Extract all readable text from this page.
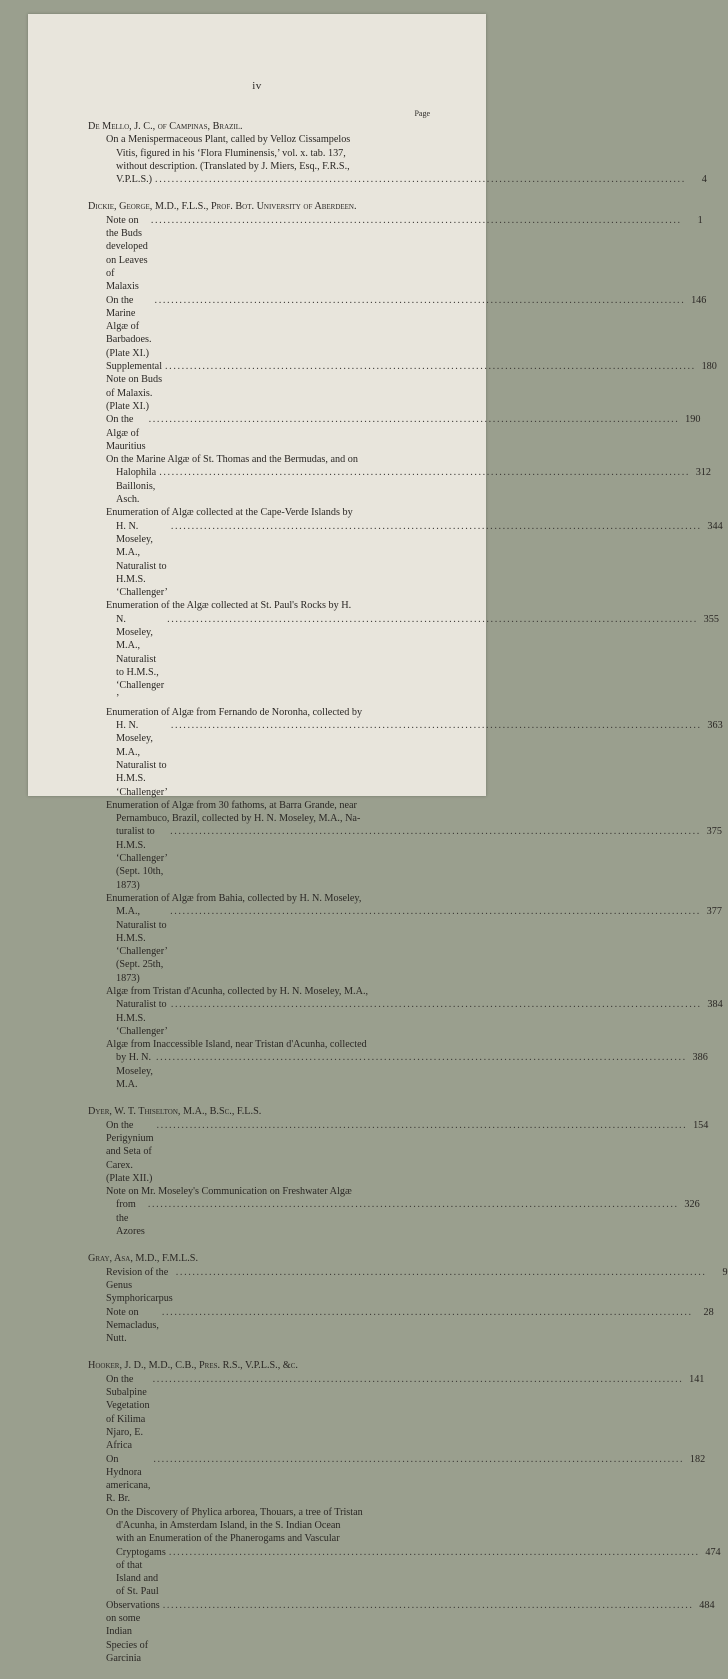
iv
Page
De Mello, J. C., of Campinas, Brazil.
On a Menispermaceous Plant, called by Velloz Cissampelos
Vitis, figured in his ‘Flora Fluminensis,’ vol. x. tab. 137,
without description. (Translated by J. Miers, Esq., F.R.S.,
V.P.L.S.)
.....	4
Dickie, George, M.D., F.L.S., Prof. Bot. University of Aberdeen.
Note on the Buds developed on Leaves of Malaxis
.....
1
On the Marine Algæ of Barbadoes. (Plate XI.)
.....
146
Supplemental Note on Buds of Malaxis. (Plate XI.)
.....
180
On the Algæ of Mauritius
.....
190
On the Marine Algæ of St. Thomas and the Bermudas, and on
Halophila Baillonis, Asch.
.....
312
Enumeration of Algæ collected at the Cape-Verde Islands by
H. N. Moseley, M.A., Naturalist to H.M.S. ‘Challenger’
.....
344
Enumeration of the Algæ collected at St. Paul's Rocks by H.
N. Moseley, M.A., Naturalist to H.M.S., ‘Challenger ’
.....
355
Enumeration of Algæ from Fernando de Noronha, collected by
H. N. Moseley, M.A., Naturalist to H.M.S. ‘Challenger’
.....
363
Enumeration of Algæ from 30 fathoms, at Barra Grande, near
Pernambuco, Brazil, collected by H. N. Moseley, M.A., Na-
turalist to H.M.S. ‘Challenger’ (Sept. 10th, 1873)
.....
375
Enumeration of Algæ from Bahia, collected by H. N. Moseley,
M.A., Naturalist to H.M.S. ‘Challenger’ (Sept. 25th, 1873)
.....
377
Algæ from Tristan d'Acunha, collected by H. N. Moseley, M.A.,
Naturalist to H.M.S. ‘Challenger’
.....
384
Algæ from Inaccessible Island, near Tristan d'Acunha, collected
by H. N. Moseley, M.A.
.....
386
Dyer, W. T. Thiselton, M.A., B.Sc., F.L.S.
On the Perigynium and Seta of Carex. (Plate XII.)
.....
154
Note on Mr. Moseley's Communication on Freshwater Algæ
from the Azores
.....
326
Gray, Asa, M.D., F.M.L.S.
Revision of the Genus Symphoricarpus
.....
9
Note on Nemacladus, Nutt.
.....
28
Hooker, J. D., M.D., C.B., Pres. R.S., V.P.L.S., &c.
On the Subalpine Vegetation of Kilima Njaro, E. Africa
.....
141
On Hydnora americana, R. Br.
.....
182
On the Discovery of Phylica arborea, Thouars, a tree of Tristan
d'Acunha, in Amsterdam Island, in the S. Indian Ocean
with an Enumeration of the Phanerogams and Vascular
Cryptogams of that Island and of St. Paul
.....
474
Observations on some Indian Species of Garcinia
.....
484
